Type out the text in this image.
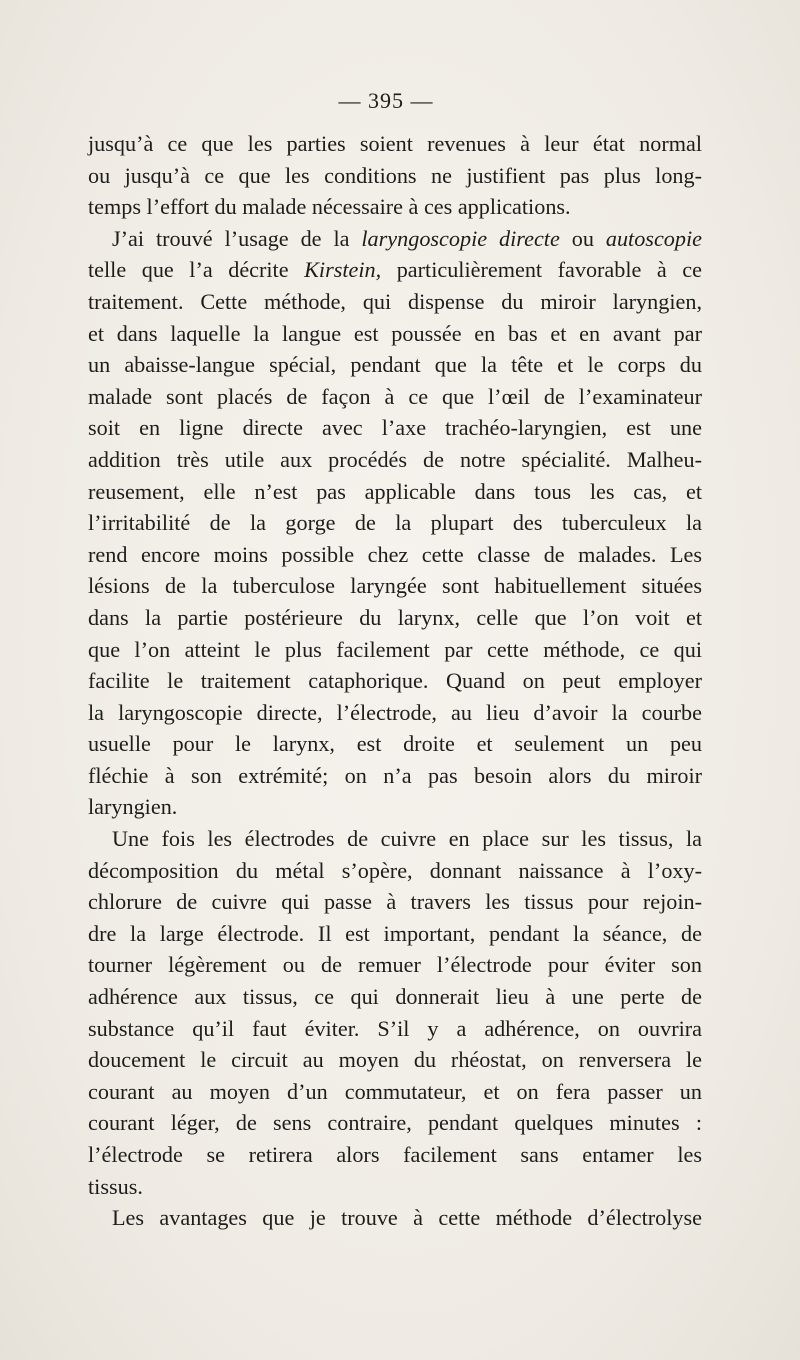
— 395 —
jusqu’à ce que les parties soient revenues à leur état normal
ou jusqu’à ce que les conditions ne justifient pas plus long-
temps l’effort du malade nécessaire à ces applications.
J’ai trouvé l’usage de la laryngoscopie directe ou autoscopie
telle que l’a décrite Kirstein, particulièrement favorable à ce
traitement. Cette méthode, qui dispense du miroir laryngien,
et dans laquelle la langue est poussée en bas et en avant par
un abaisse-langue spécial, pendant que la tête et le corps du
malade sont placés de façon à ce que l’œil de l’examinateur
soit en ligne directe avec l’axe trachéo-laryngien, est une
addition très utile aux procédés de notre spécialité. Malheu-
reusement, elle n’est pas applicable dans tous les cas, et
l’irritabilité de la gorge de la plupart des tuberculeux la
rend encore moins possible chez cette classe de malades. Les
lésions de la tuberculose laryngée sont habituellement situées
dans la partie postérieure du larynx, celle que l’on voit et
que l’on atteint le plus facilement par cette méthode, ce qui
facilite le traitement cataphorique. Quand on peut employer
la laryngoscopie directe, l’électrode, au lieu d’avoir la courbe
usuelle pour le larynx, est droite et seulement un peu
fléchie à son extrémité; on n’a pas besoin alors du miroir
laryngien.
Une fois les électrodes de cuivre en place sur les tissus, la
décomposition du métal s’opère, donnant naissance à l’oxy-
chlorure de cuivre qui passe à travers les tissus pour rejoin-
dre la large électrode. Il est important, pendant la séance, de
tourner légèrement ou de remuer l’électrode pour éviter son
adhérence aux tissus, ce qui donnerait lieu à une perte de
substance qu’il faut éviter. S’il y a adhérence, on ouvrira
doucement le circuit au moyen du rhéostat, on renversera le
courant au moyen d’un commutateur, et on fera passer un
courant léger, de sens contraire, pendant quelques minutes :
l’électrode se retirera alors facilement sans entamer les
tissus.
Les avantages que je trouve à cette méthode d’électrolyse
